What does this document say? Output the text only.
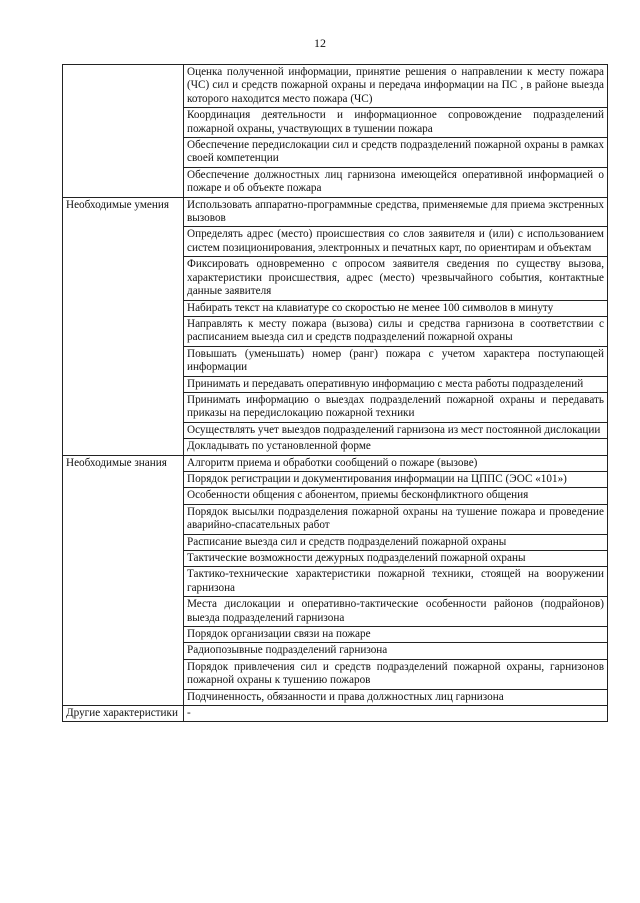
12
	Оценка полученной информации, принятие решения о направлении к месту пожара (ЧС) сил и средств пожарной охраны и передача информации на ПС , в районе выезда которого находится место пожара (ЧС)
	Координация деятельности и информационное сопровождение подразделений пожарной охраны, участвующих в тушении пожара
	Обеспечение передислокации сил и средств подразделений пожарной охраны в рамках своей компетенции
	Обеспечение должностных лиц гарнизона имеющейся оперативной информацией о пожаре и об объекте пожара
Необходимые умения	Использовать аппаратно-программные средства, применяемые для приема экстренных вызовов
	Определять адрес (место) происшествия со слов заявителя и (или) с использованием систем позиционирования, электронных и печатных карт, по ориентирам и объектам
	Фиксировать одновременно с опросом заявителя сведения по существу вызова, характеристики происшествия, адрес (место) чрезвычайного события, контактные данные заявителя
	Набирать текст на клавиатуре со скоростью не менее 100 символов в минуту
	Направлять к месту пожара (вызова) силы и средства гарнизона в соответствии с расписанием выезда сил и средств подразделений пожарной охраны
	Повышать (уменьшать) номер (ранг) пожара с учетом характера поступающей информации
	Принимать и передавать оперативную информацию с места работы подразделений
	Принимать информацию о выездах подразделений пожарной охраны и передавать приказы на передислокацию пожарной техники
	Осуществлять учет выездов подразделений гарнизона из мест постоянной дислокации
	Докладывать по установленной форме
Необходимые знания	Алгоритм приема и обработки сообщений о пожаре (вызове)
	Порядок регистрации и документирования информации на ЦППС (ЭОС «101»)
	Особенности общения с абонентом, приемы бесконфликтного общения
	Порядок высылки подразделения пожарной охраны на тушение пожара и проведение аварийно-спасательных работ
	Расписание выезда сил и средств подразделений пожарной охраны
	Тактические возможности дежурных подразделений пожарной охраны
	Тактико-технические характеристики пожарной техники, стоящей на вооружении гарнизона
	Места дислокации и оперативно-тактические особенности районов (подрайонов) выезда подразделений гарнизона
	Порядок организации связи на пожаре
	Радиопозывные подразделений гарнизона
	Порядок привлечения сил и средств подразделений пожарной охраны, гарнизонов пожарной охраны к тушению пожаров
	Подчиненность, обязанности и права должностных лиц гарнизона
Другие характеристики	-
